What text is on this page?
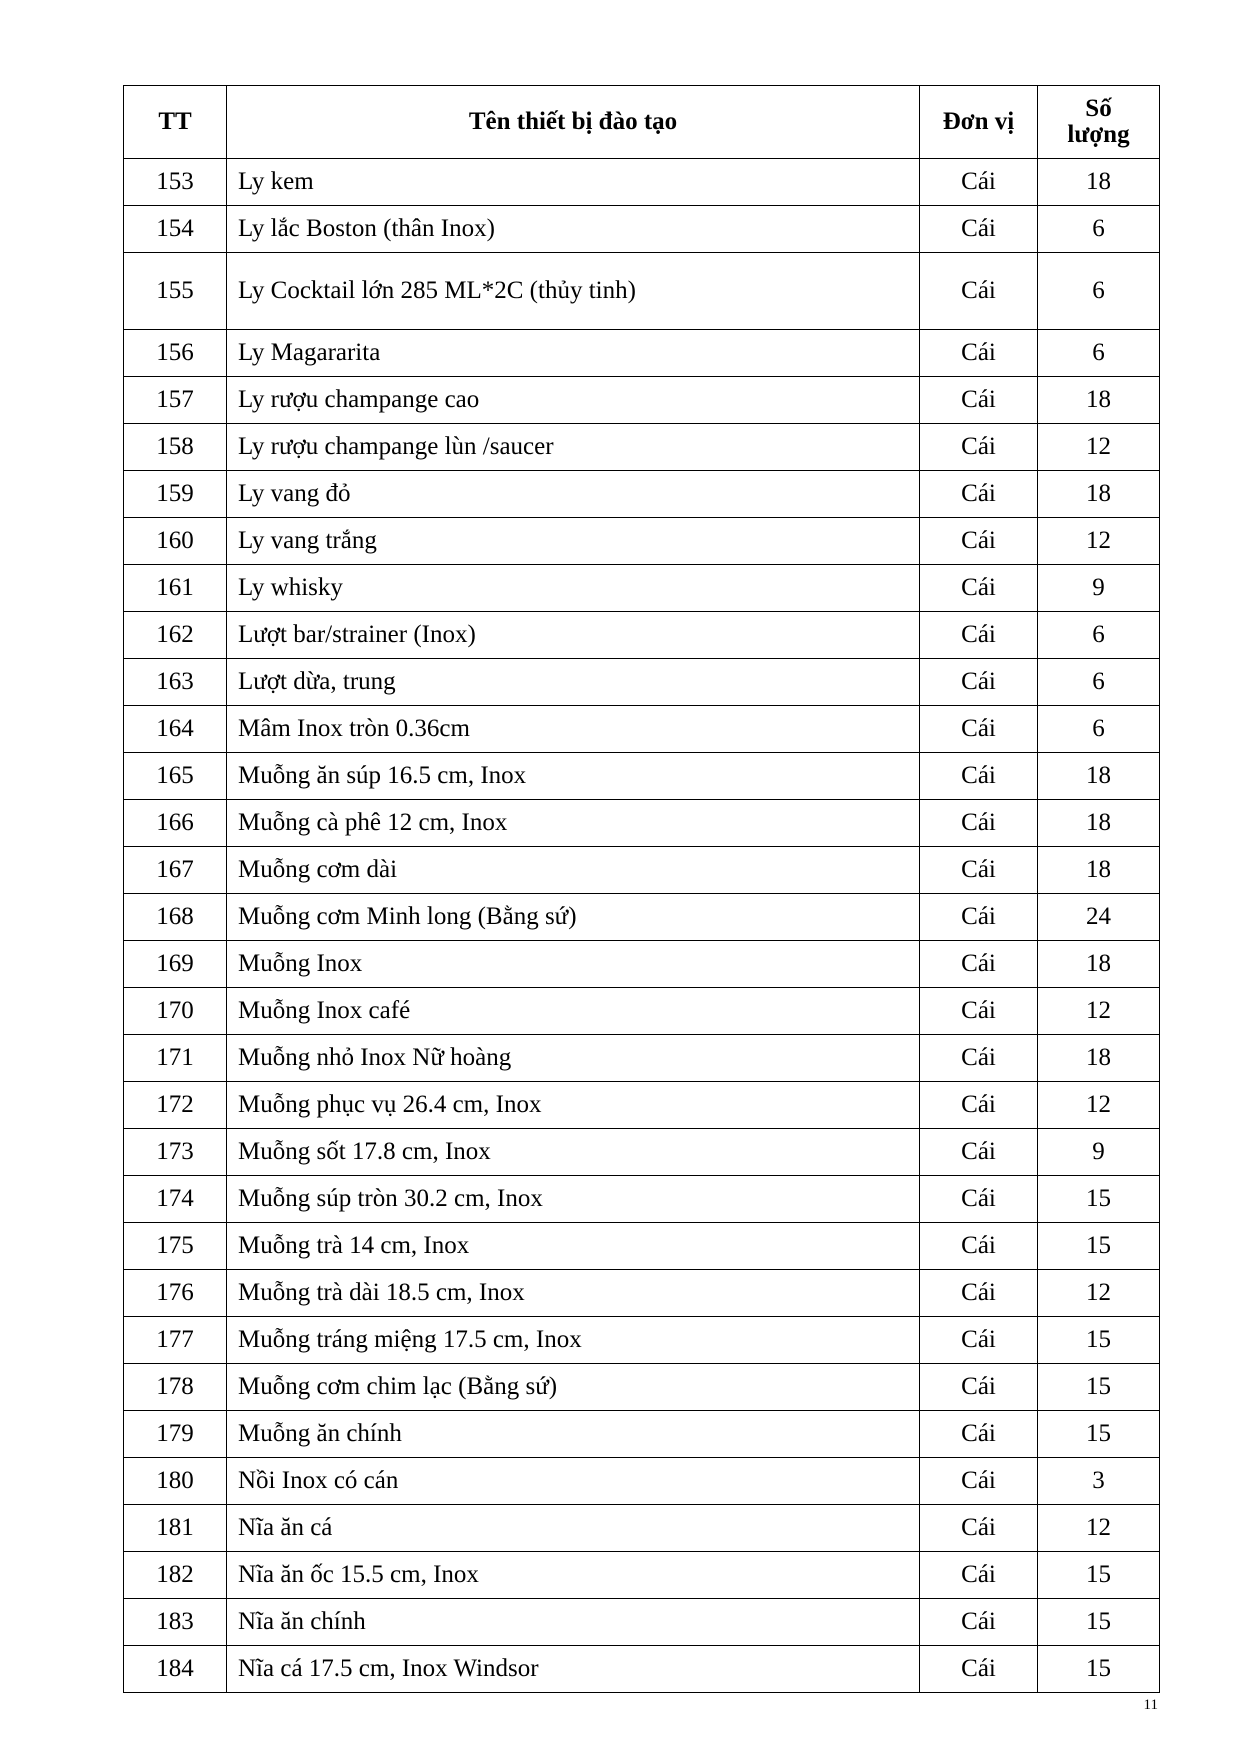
TT	Tên thiết bị đào tạo	Đơn vị	Số
lượng
153	Ly kem	Cái	18
154	Ly lắc Boston (thân Inox)	Cái	6
155	Ly Cocktail lớn 285 ML*2C (thủy tinh)	Cái	6
156	Ly Magararita	Cái	6
157	Ly rượu champange cao	Cái	18
158	Ly rượu champange lùn /saucer	Cái	12
159	Ly vang đỏ	Cái	18
160	Ly vang trắng	Cái	12
161	Ly whisky	Cái	9
162	Lượt bar/strainer (Inox)	Cái	6
163	Lượt dừa, trung	Cái	6
164	Mâm Inox tròn 0.36cm	Cái	6
165	Muỗng ăn súp 16.5 cm, Inox	Cái	18
166	Muỗng cà phê 12 cm, Inox	Cái	18
167	Muỗng cơm dài	Cái	18
168	Muỗng cơm Minh long (Bằng sứ)	Cái	24
169	Muỗng Inox	Cái	18
170	Muỗng Inox café	Cái	12
171	Muỗng nhỏ Inox Nữ hoàng	Cái	18
172	Muỗng phục vụ 26.4 cm, Inox	Cái	12
173	Muỗng sốt 17.8 cm, Inox	Cái	9
174	Muỗng súp tròn 30.2 cm, Inox	Cái	15
175	Muỗng trà 14 cm, Inox	Cái	15
176	Muỗng trà dài 18.5 cm, Inox	Cái	12
177	Muỗng tráng miệng 17.5 cm, Inox	Cái	15
178	Muỗng cơm chim lạc (Bằng sứ)	Cái	15
179	Muỗng ăn chính	Cái	15
180	Nồi Inox có cán	Cái	3
181	Nĩa ăn cá	Cái	12
182	Nĩa ăn ốc 15.5 cm, Inox	Cái	15
183	Nĩa ăn chính	Cái	15
184	Nĩa cá 17.5 cm, Inox Windsor	Cái	15
11
